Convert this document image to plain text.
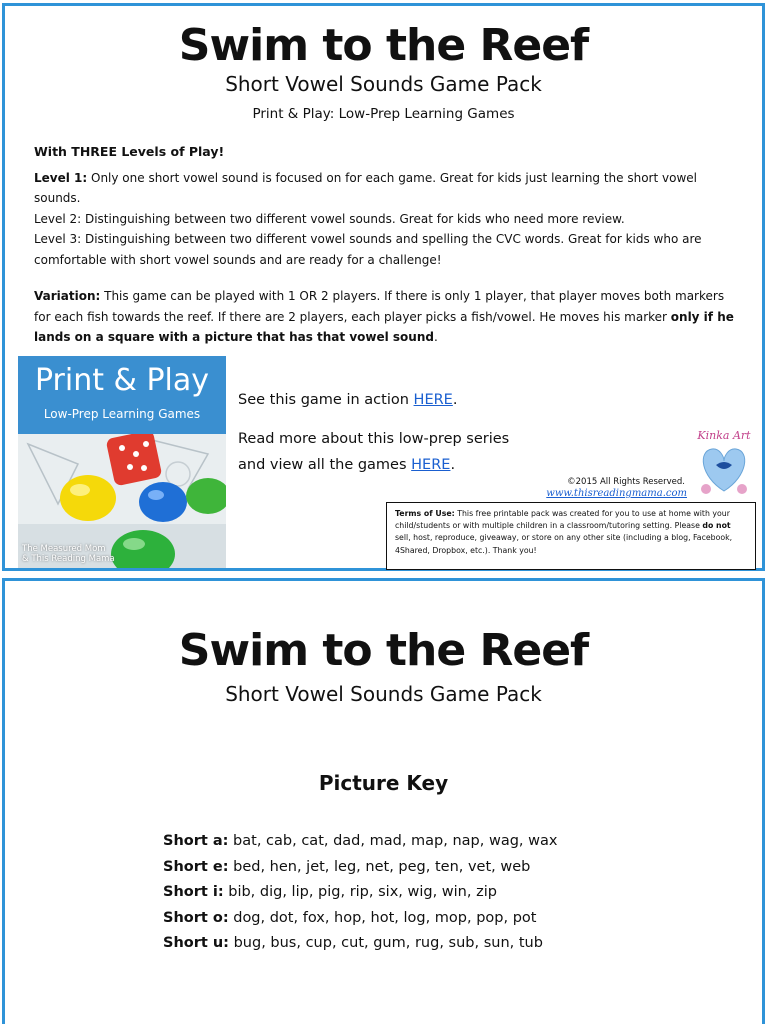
Swim to the Reef
Short Vowel Sounds Game Pack
Print & Play: Low-Prep Learning Games
With THREE Levels of Play!
Level 1: Only one short vowel sound is focused on for each game. Great for kids just learning the short vowel sounds.
Level 2: Distinguishing between two different vowel sounds. Great for kids who need more review.
Level 3: Distinguishing between two different vowel sounds and spelling the CVC words. Great for kids who are comfortable with short vowel sounds and are ready for a challenge!
Variation: This game can be played with 1 OR 2 players. If there is only 1 player, that player moves both markers for each fish towards the reef. If there are 2 players, each player picks a fish/vowel. He moves his marker only if he lands on a square with a picture that has that vowel sound.
Print & Play
Low-Prep Learning Games
The Measured Mom
& This Reading Mama
See this game in action HERE.
Read more about this low-prep series
and view all the games HERE.
Kinka Art
©2015 All Rights Reserved.
www.thisreadingmama.com
Terms of Use: This free printable pack was created for you to use at home with your child/students or with multiple children in a classroom/tutoring setting. Please do not sell, host, reproduce, giveaway, or store on any other site (including a blog, Facebook, 4Shared, Dropbox, etc.). Thank you!
Swim to the Reef
Short Vowel Sounds Game Pack
Picture Key
Short a: bat, cab, cat, dad, mad, map, nap, wag, wax
Short e: bed, hen, jet, leg, net, peg, ten, vet, web
Short i: bib, dig, lip, pig, rip, six, wig, win, zip
Short o: dog, dot, fox, hop, hot, log, mop, pop, pot
Short u: bug, bus, cup, cut, gum, rug, sub, sun, tub
